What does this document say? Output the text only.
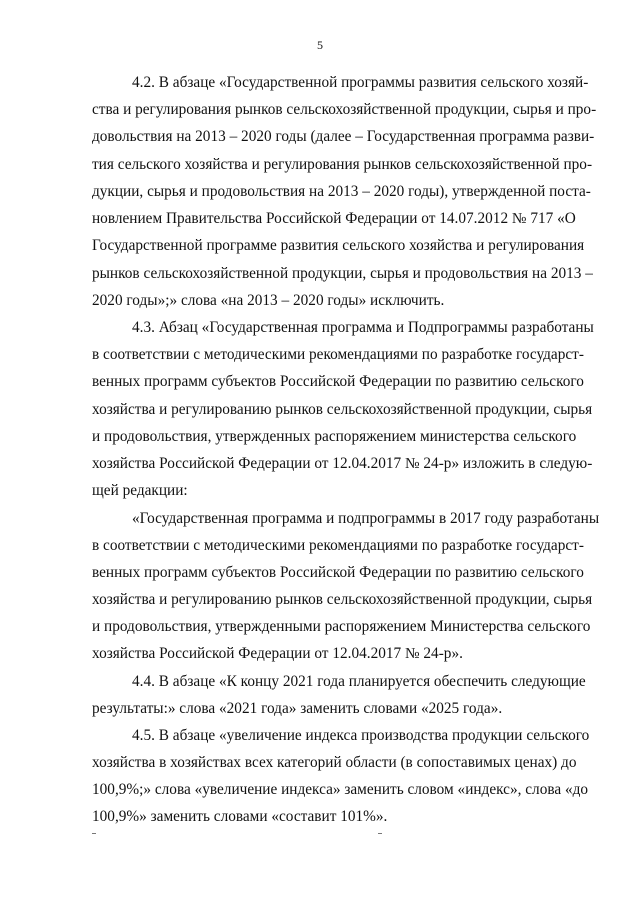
5
4.2. В абзаце «Государственной программы развития сельского хозяй-
ства и регулирования рынков сельскохозяйственной продукции, сырья и про-
довольствия на 2013 – 2020 годы (далее – Государственная программа разви-
тия сельского хозяйства и регулирования рынков сельскохозяйственной про-
дукции, сырья и продовольствия на 2013 – 2020 годы), утвержденной поста-
новлением Правительства Российской Федерации от 14.07.2012 № 717 «О
Государственной программе развития сельского хозяйства и регулирования
рынков сельскохозяйственной продукции, сырья и продовольствия на 2013 –
2020 годы»;» слова «на 2013 – 2020 годы» исключить.
4.3. Абзац «Государственная программа и Подпрограммы разработаны
в соответствии с методическими рекомендациями по разработке государст-
венных программ субъектов Российской Федерации по развитию сельского
хозяйства и регулированию рынков сельскохозяйственной продукции, сырья
и продовольствия, утвержденных распоряжением министерства сельского
хозяйства Российской Федерации от 12.04.2017 № 24-р» изложить в следую-
щей редакции:
«Государственная программа и подпрограммы в 2017 году разработаны
в соответствии с методическими рекомендациями по разработке государст-
венных программ субъектов Российской Федерации по развитию сельского
хозяйства и регулированию рынков сельскохозяйственной продукции, сырья
и продовольствия, утвержденными распоряжением Министерства сельского
хозяйства Российской Федерации от 12.04.2017 № 24-р».
4.4. В абзаце «К концу 2021 года планируется обеспечить следующие
результаты:» слова «2021 года» заменить словами «2025 года».
4.5. В абзаце «увеличение индекса производства продукции сельского
хозяйства в хозяйствах всех категорий области (в сопоставимых ценах) до
100,9%;» слова «увеличение индекса» заменить словом «индекс», слова «до
100,9%» заменить словами «составит 101%».
